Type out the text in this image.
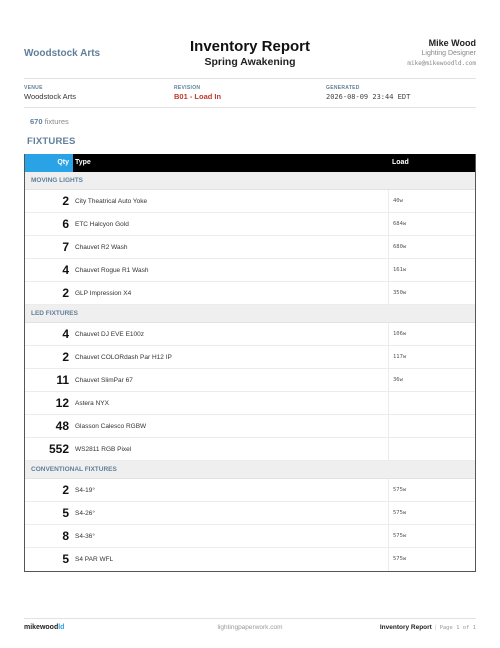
Woodstock Arts	Inventory Report
Spring Awakening
Mike Wood
Lighting Designer
mike@mikewoodld.com
VENUE
Woodstock Arts
REVISION
B01 - Load In
GENERATED
2026-08-09 23:44 EDT
670 fixtures
FIXTURES
Qty Type	Load
MOVING LIGHTS
2 City Theatrical Auto Yoke	40w
6 ETC Halcyon Gold	684w
7 Chauvet R2 Wash	680w
4 Chauvet Rogue R1 Wash	161w
2 GLP Impression X4	350w
LED FIXTURES
4 Chauvet DJ EVE E100z	106w
2 Chauvet COLORdash Par H12 IP	117w
11 Chauvet SlimPar 67	36w
12 Astera NYX
48 Glasson Calesco RGBW
552 WS2811 RGB Pixel
CONVENTIONAL FIXTURES
2 S4-19°	575w
5 S4-26°	575w
8 S4-36°	575w
5 S4 PAR WFL	575w
mikewoodld	lightingpaperwork.com	Inventory Report | Page 1 of 1
